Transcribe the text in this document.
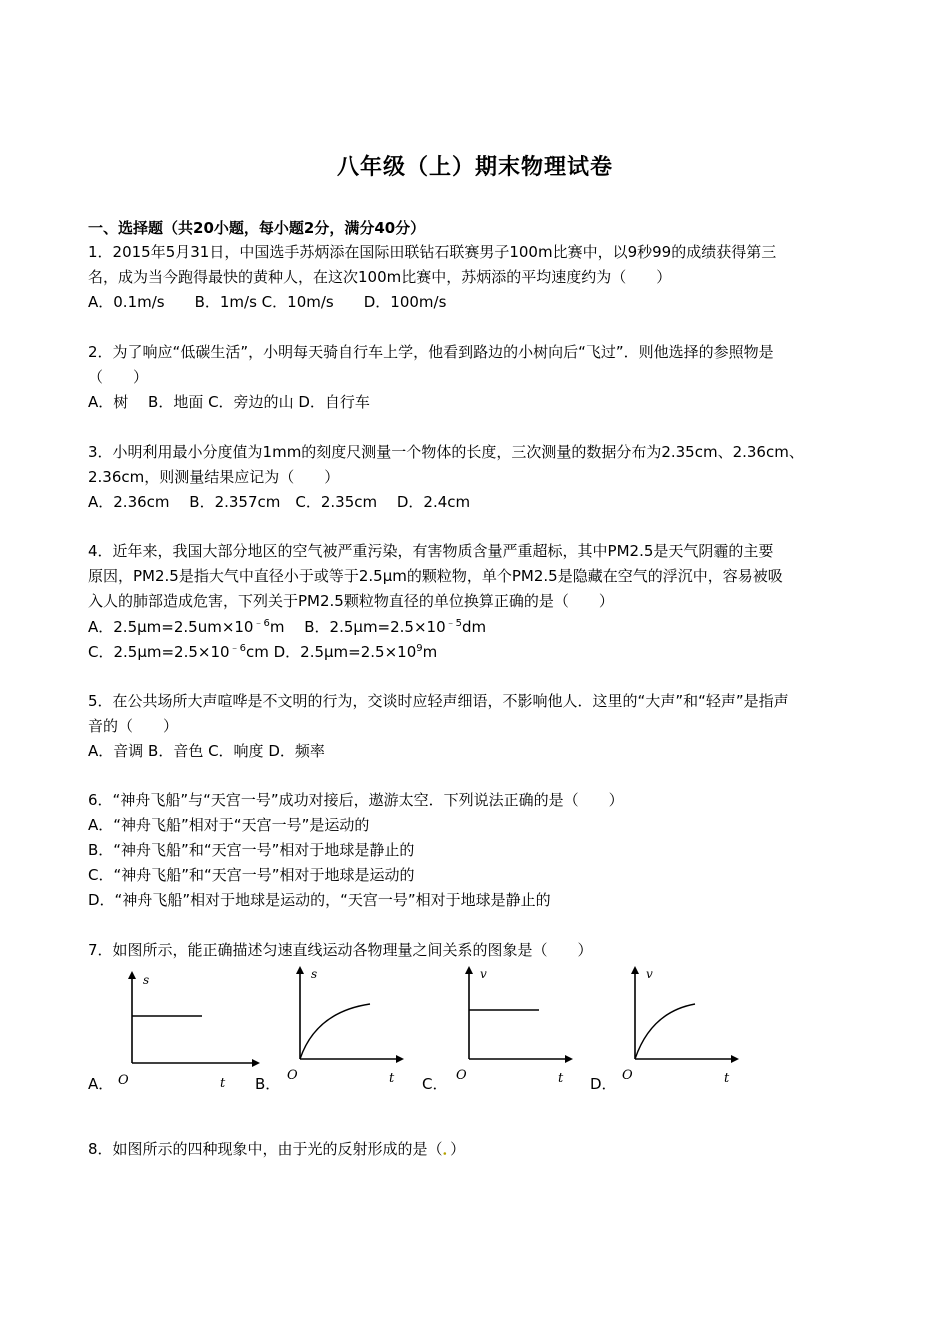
八年级（上）期末物理试卷
一、选择题（共20小题，每小题2分，满分40分）
1．2015年5月31日，中国选手苏炳添在国际田联钻石联赛男子100m比赛中，以9秒99的成绩获得第三
名，成为当今跑得最快的黄种人，在这次100m比赛中，苏炳添的平均速度约为（　　）
A．0.1m/s　　B．1m/s C．10m/s　　D．100m/s
2．为了响应“低碳生活”，小明每天骑自行车上学，他看到路边的小树向后“飞过”．则他选择的参照物是
（　　）
A．树　 B．地面 C．旁边的山 D．自行车
3．小明利用最小分度值为1mm的刻度尺测量一个物体的长度，三次测量的数据分布为2.35cm、2.36cm、
2.36cm，则测量结果应记为（　　）
A．2.36cm　 B．2.357cm　C．2.35cm　 D．2.4cm
4．近年来，我国大部分地区的空气被严重污染，有害物质含量严重超标，其中PM2.5是天气阴霾的主要
原因，PM2.5是指大气中直径小于或等于2.5μm的颗粒物，单个PM2.5是隐藏在空气的浮沉中，容易被吸
入人的肺部造成危害，下列关于PM2.5颗粒物直径的单位换算正确的是（　　）
A．$2.5\mu m=2.5um\times 10^{﹣6}m$　 B．$2.5\mu m=2.5\times 10^{﹣5}dm$
C．$2.5\mu m=2.5\times 10^{﹣6}cm$ D．$2.5\mu m=2.5\times 10^9m$
5．在公共场所大声喧哗是不文明的行为，交谈时应轻声细语，不影响他人．这里的“大声”和“轻声”是指声
音的（　　）
A．音调 B．音色 C．响度 D．频率
6．“神舟飞船”与“天宫一号”成功对接后，遨游太空．下列说法正确的是（　　）
A．“神舟飞船”相对于“天宫一号”是运动的
B．“神舟飞船”和“天宫一号”相对于地球是静止的
C．“神舟飞船”和“天宫一号”相对于地球是运动的
D．“神舟飞船”相对于地球是运动的，“天宫一号”相对于地球是静止的
7．如图所示，能正确描述匀速直线运动各物理量之间关系的图象是（　　）
A．
s
t
O	B．
s
t
O	C．
v
t
O	D．
v
t
O
8．如图所示的四种现象中，由于光的反射形成的是（．）
